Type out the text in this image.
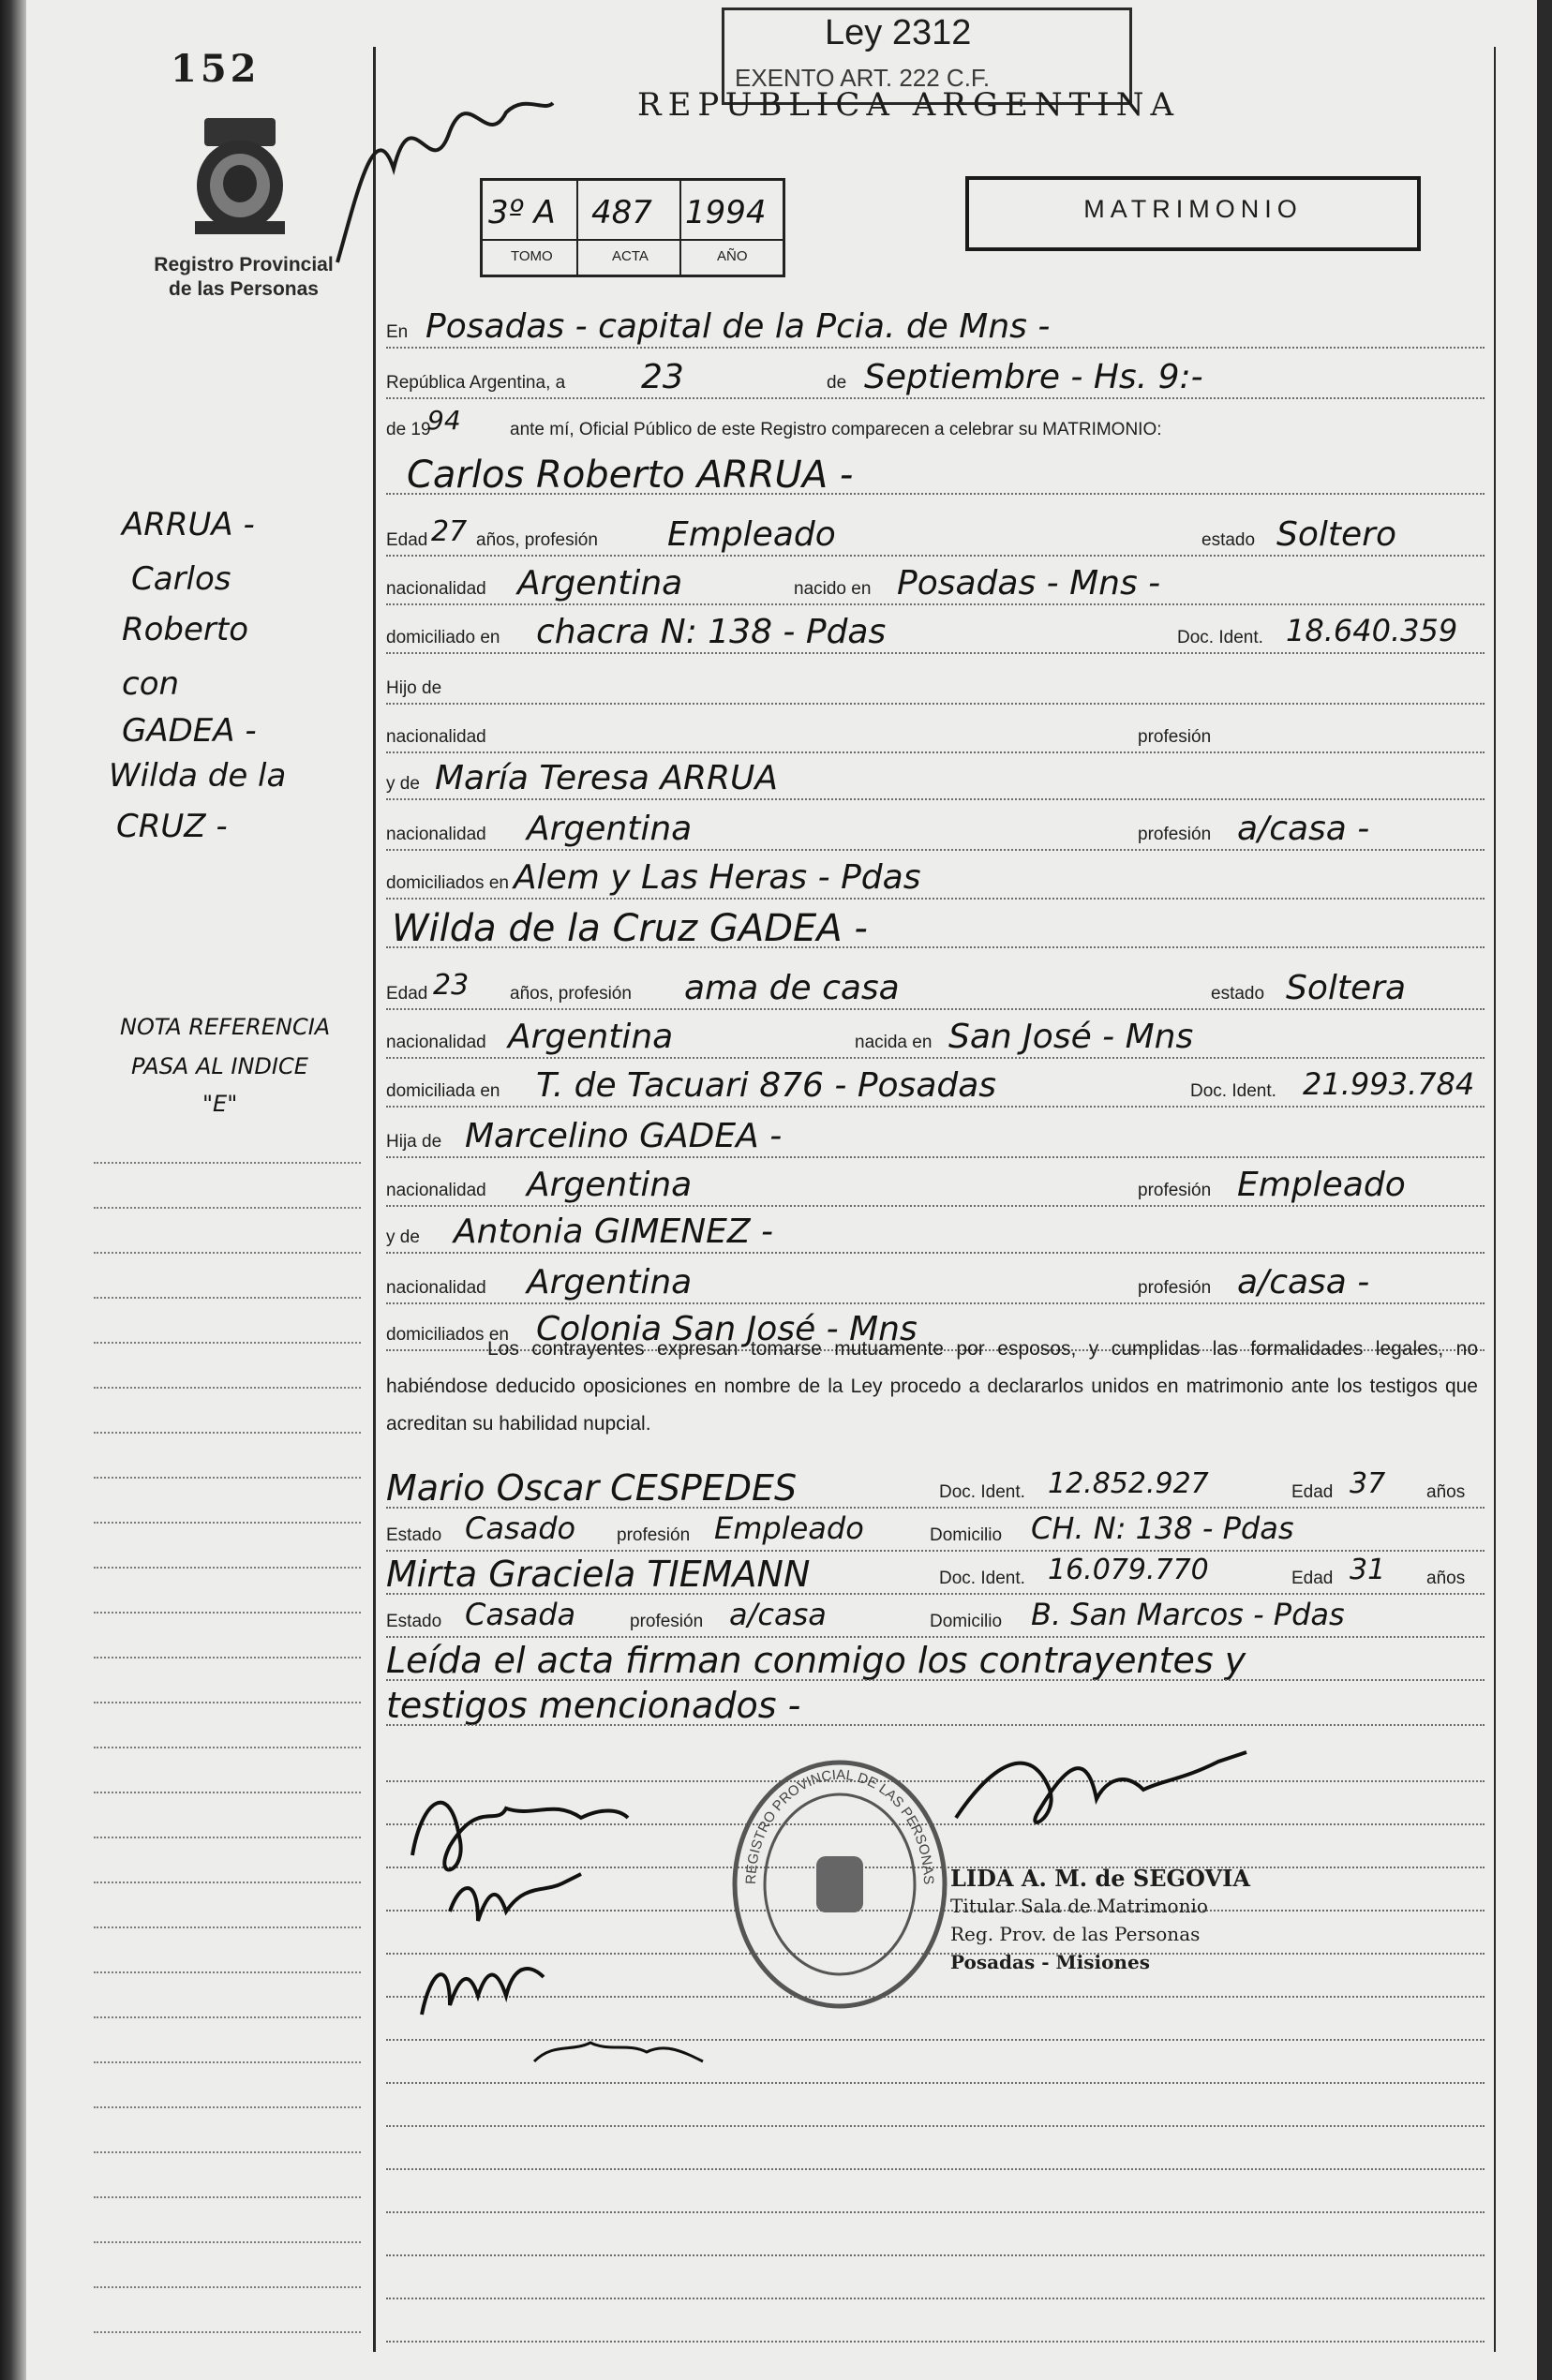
152
Registro Provincial de las Personas
Ley 2312
EXENTO ART. 222 C.F.
REPUBLICA ARGENTINA
3º A 487 1994
TOMO	ACTA	AÑO
MATRIMONIO
En Posadas - capital de la Pcia. de Mns -
República Argentina, a 23	de Septiembre - Hs. 9:-
de 19
94	ante mí, Oficial Público de este Registro comparecen a celebrar su MATRIMONIO:
Carlos Roberto ARRUA -
Edad 27 años, profesión Empleado	estado Soltero
nacionalidad Argentina	nacido en Posadas - Mns -
domiciliado en chacra N: 138 - Pdas	Doc. Ident. 18.640.359
Hijo de
nacionalidad	profesión
y de María Teresa ARRUA
nacionalidad Argentina	profesión a/casa -
domiciliados en Alem y Las Heras - Pdas
Wilda de la Cruz GADEA -
Edad 23 años, profesión ama de casa	estado Soltera
nacionalidad Argentina	nacida en San José - Mns
domiciliada en T. de Tacuari 876 - Posadas	Doc. Ident. 21.993.784
Hija de Marcelino GADEA -
nacionalidad Argentina	profesión Empleado
y de Antonia GIMENEZ -
nacionalidad Argentina	profesión a/casa -
domiciliados en Colonia San José - Mns
Los contrayentes expresan tomarse mutuamente por esposos, y cumplidas las formalidades legales, no habiéndose deducido oposiciones en nombre de la Ley procedo a declararlos unidos en matrimonio ante los testigos que acreditan su habilidad nupcial.
Mario Oscar CESPEDES	Doc. Ident. 12.852.927	Edad 37 años
Estado Casado profesión Empleado	Domicilio CH. N: 138 - Pdas
Mirta Graciela TIEMANN	Doc. Ident. 16.079.770	Edad 31 años
Estado Casada	profesión a/casa	Domicilio B. San Marcos - Pdas
Leída el acta firman conmigo los contrayentes y
testigos mencionados -
REGISTRO PROVINCIAL DE LAS PERSONAS LIDA A. M. de SEGOVIA
Titular Sala de Matrimonio
Reg. Prov. de las Personas
Posadas - Misiones
ARRUA -
Carlos
Roberto
con
GADEA -
Wilda de la
CRUZ -
NOTA REFERENCIA
PASA AL INDICE
"E"
